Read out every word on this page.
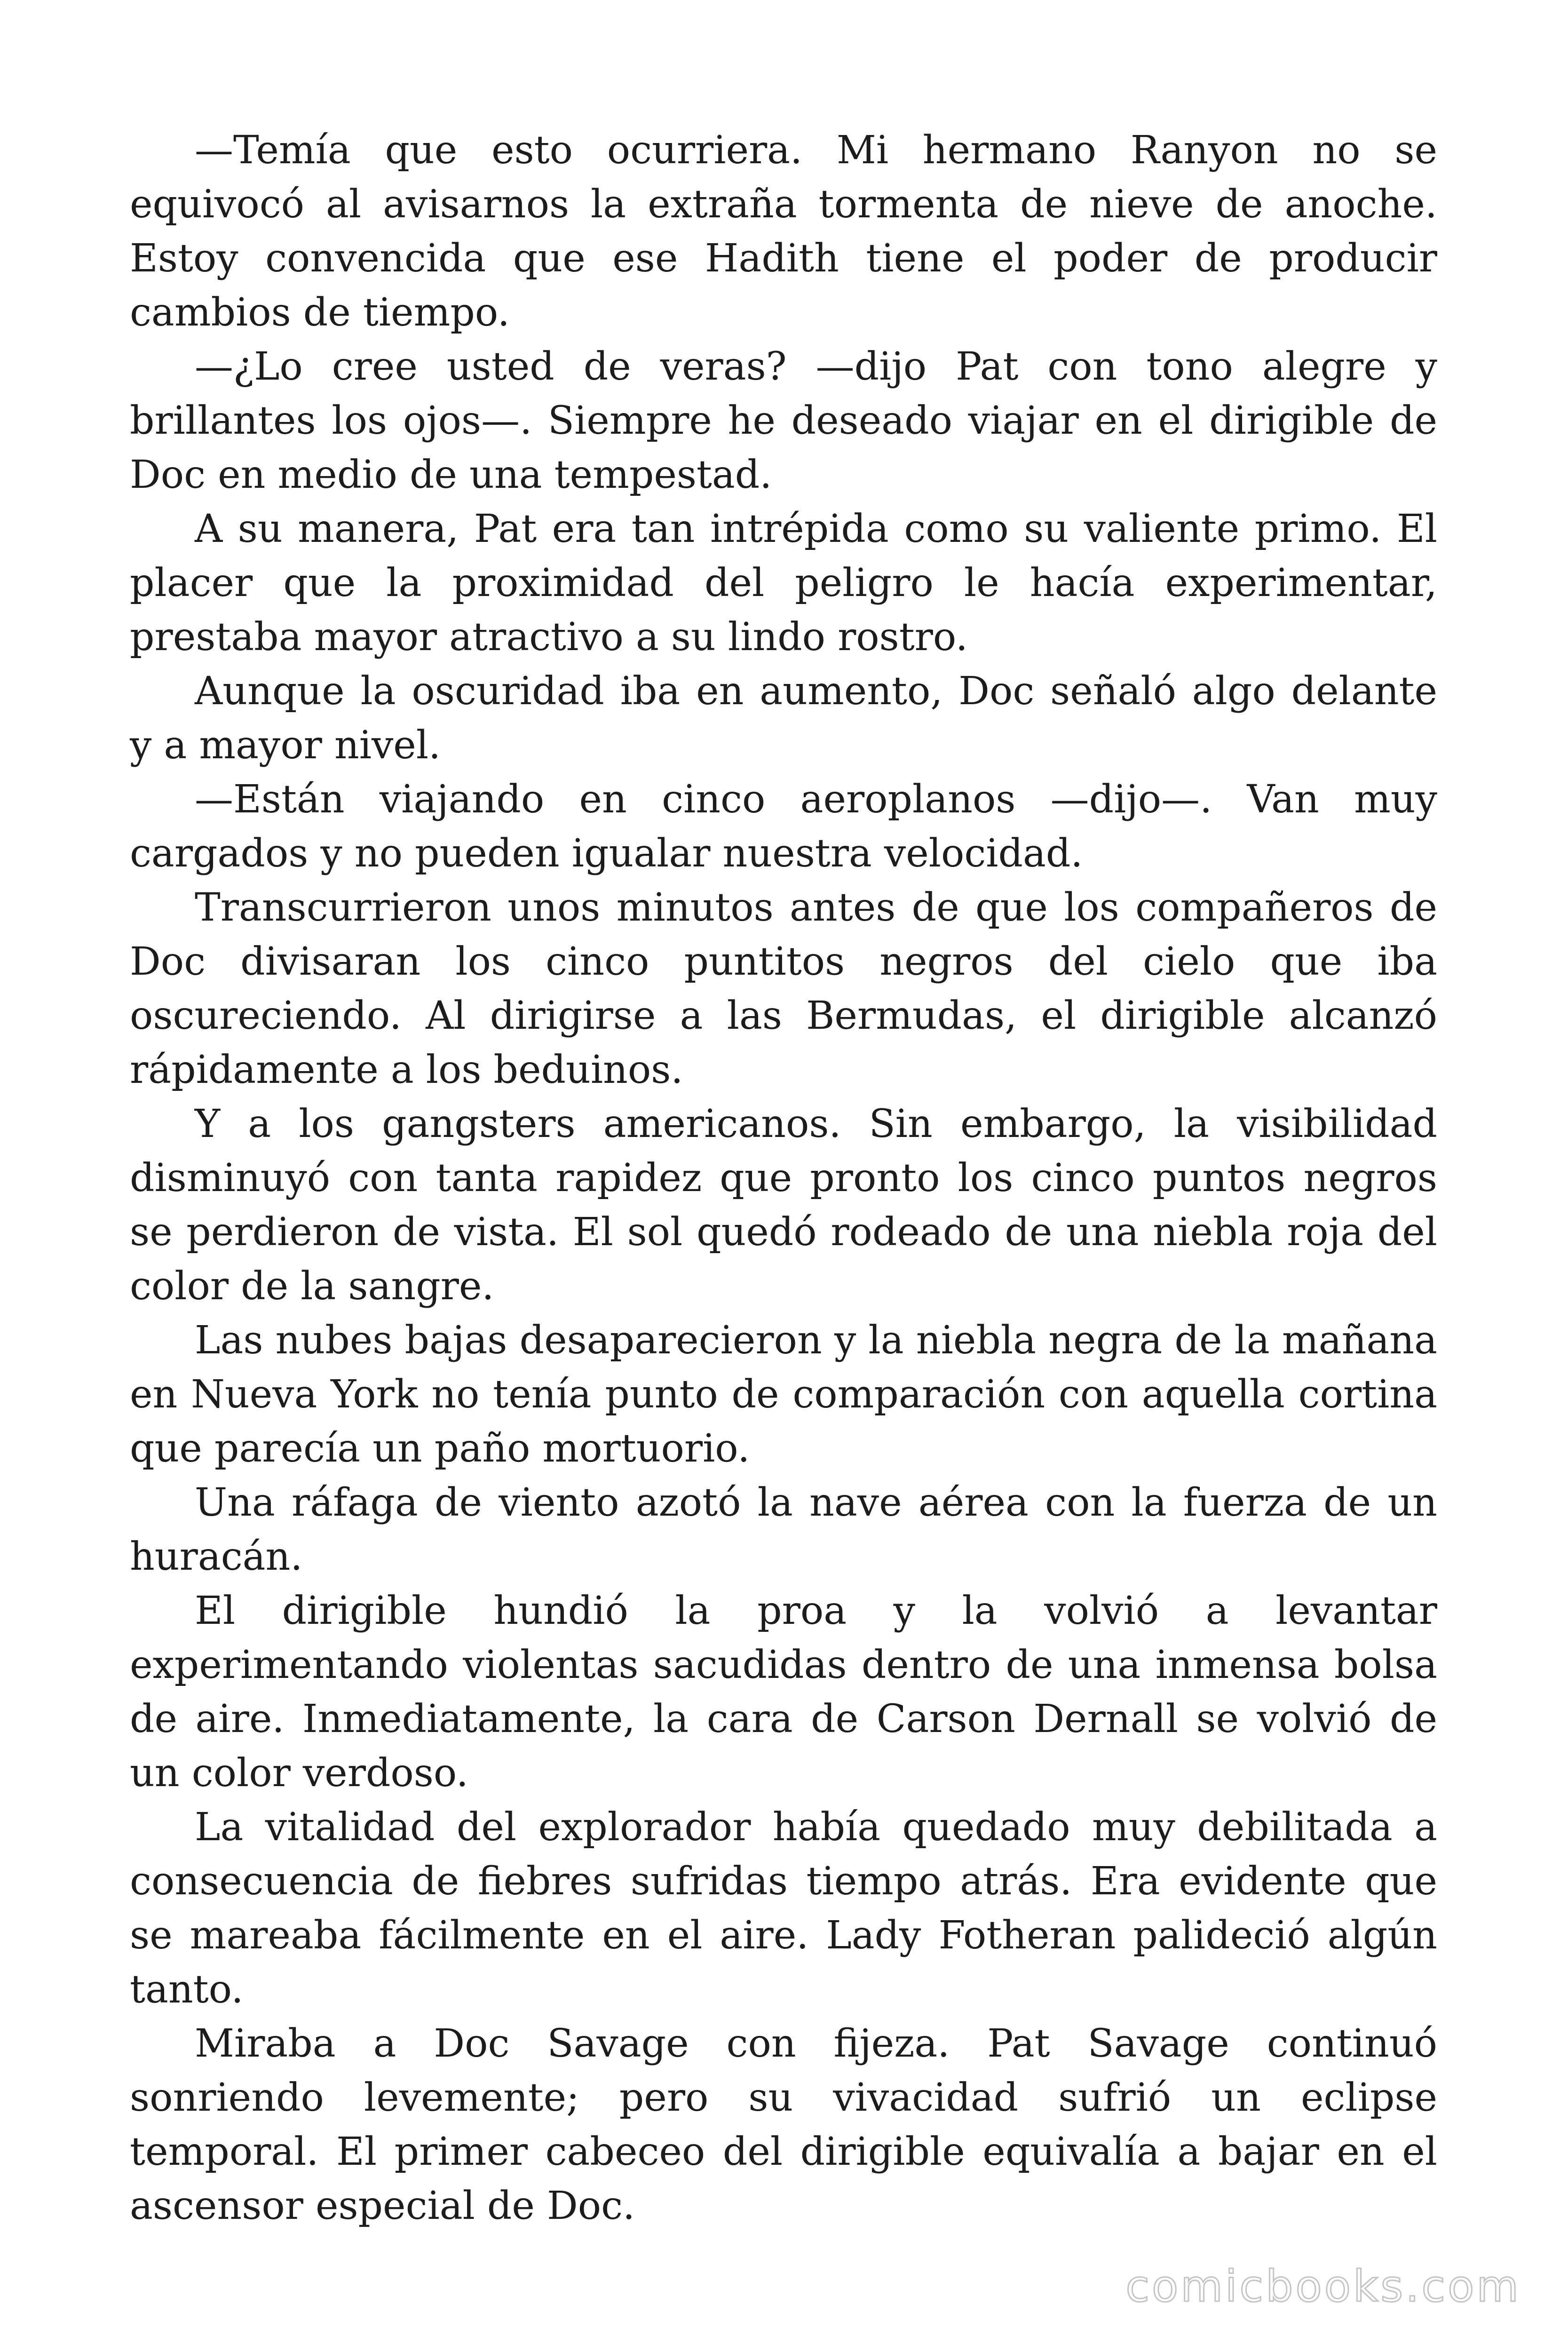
—Temía que esto ocurriera. Mi hermano Ranyon no se equivocó al avisarnos la extraña tormenta de nieve de anoche. Estoy convencida que ese Hadith tiene el poder de producir cambios de tiempo.

—¿Lo cree usted de veras? —dijo Pat con tono alegre y brillantes los ojos—. Siempre he deseado viajar en el dirigible de Doc en medio de una tempestad.

A su manera, Pat era tan intrépida como su valiente primo. El placer que la proximidad del peligro le hacía experimentar, prestaba mayor atractivo a su lindo rostro.

Aunque la oscuridad iba en aumento, Doc señaló algo delante y a mayor nivel.

—Están viajando en cinco aeroplanos —dijo—. Van muy cargados y no pueden igualar nuestra velocidad.

Transcurrieron unos minutos antes de que los compañeros de Doc divisaran los cinco puntitos negros del cielo que iba oscureciendo. Al dirigirse a las Bermudas, el dirigible alcanzó rápidamente a los beduinos.

Y a los gangsters americanos. Sin embargo, la visibilidad disminuyó con tanta rapidez que pronto los cinco puntos negros se perdieron de vista. El sol quedó rodeado de una niebla roja del color de la sangre.

Las nubes bajas desaparecieron y la niebla negra de la mañana en Nueva York no tenía punto de comparación con aquella cortina que parecía un paño mortuorio.

Una ráfaga de viento azotó la nave aérea con la fuerza de un huracán.

El dirigible hundió la proa y la volvió a levantar experimentando violentas sacudidas dentro de una inmensa bolsa de aire. Inmediatamente, la cara de Carson Dernall se volvió de un color verdoso.

La vitalidad del explorador había quedado muy debilitada a consecuencia de fiebres sufridas tiempo atrás. Era evidente que se mareaba fácilmente en el aire. Lady Fotheran palideció algún tanto.

Miraba a Doc Savage con fijeza. Pat Savage continuó sonriendo levemente; pero su vivacidad sufrió un eclipse temporal. El primer cabeceo del dirigible equivalía a bajar en el ascensor especial de Doc.

comicbooks.com
